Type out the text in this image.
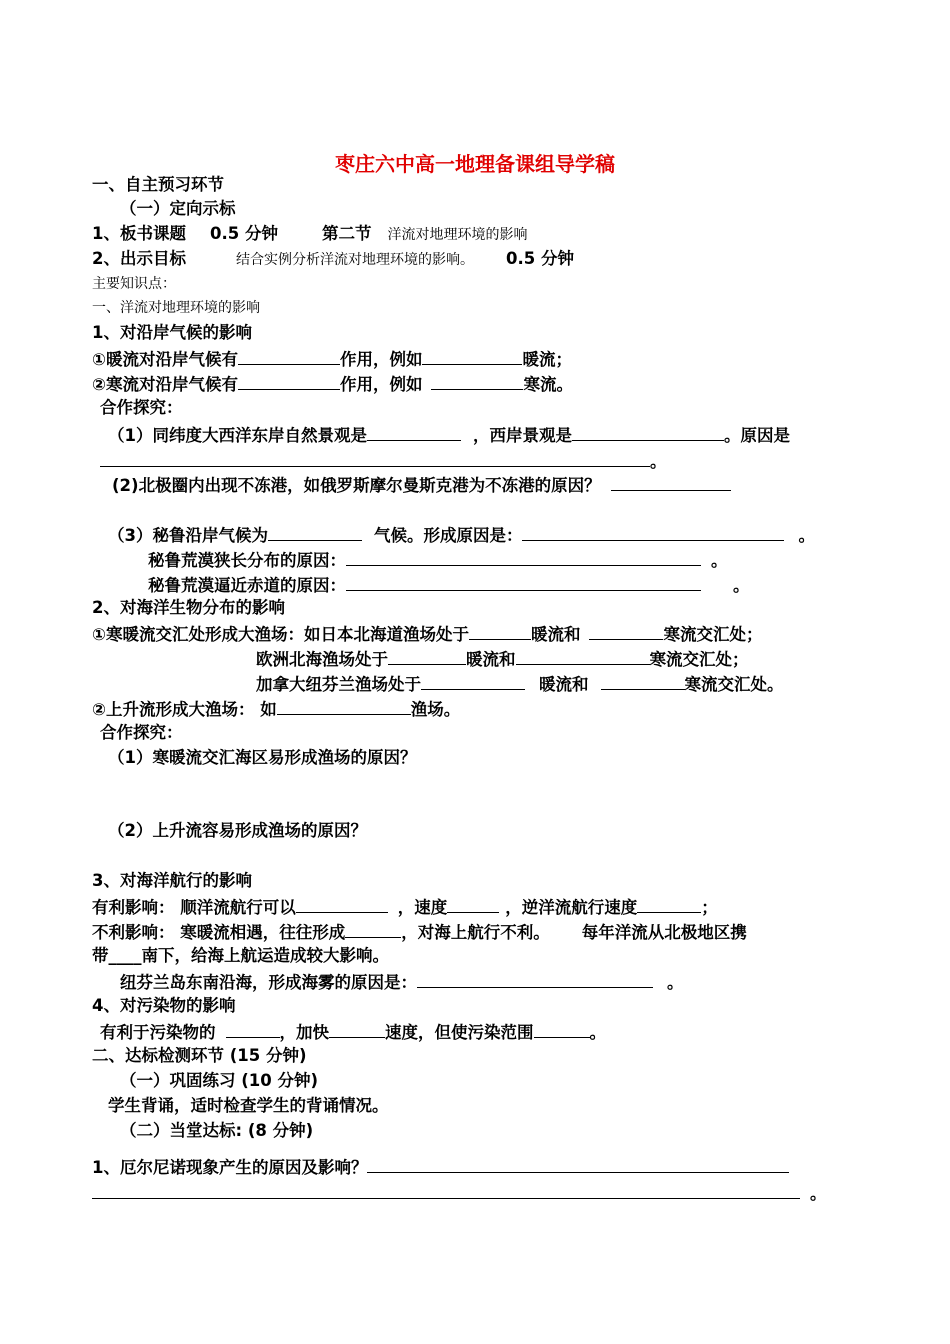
枣庄六中高一地理备课组导学稿
一、自主预习环节
（一）定向示标
1、板书课题 0.5 分钟	第二节 洋流对地理环境的影响
2、出示目标	结合实例分析洋流对地理环境的影响。 0.5 分钟
主要知识点：
一、洋流对地理环境的影响
1、对沿岸气候的影响
①暖流对沿岸气候有	作用，例如	暖流；
②寒流对沿岸气候有	作用，例如	寒流。
合作探究：
（1）同纬度大西洋东岸自然景观是	，西岸景观是	。原因是
。
(2)北极圈内出现不冻港，如俄罗斯摩尔曼斯克港为不冻港的原因？
（3）秘鲁沿岸气候为	气候。形成原因是：	。
秘鲁荒漠狭长分布的原因：	。
秘鲁荒漠逼近赤道的原因：	。
2、对海洋生物分布的影响
①寒暖流交汇处形成大渔场：如日本北海道渔场处于	暖流和	寒流交汇处；
欧洲北海渔场处于	暖流和	寒流交汇处；
加拿大纽芬兰渔场处于	暖流和	寒流交汇处。
②上升流形成大渔场： 如	渔场。
合作探究：
（1）寒暖流交汇海区易形成渔场的原因？
（2）上升流容易形成渔场的原因？
3、对海洋航行的影响
有利影响： 顺洋流航行可以	，速度	，逆洋流航行速度	；
不利影响： 寒暖流相遇，往往形成	，对海上航行不利。 每年洋流从北极地区携
带____南下，给海上航运造成较大影响。
纽芬兰岛东南沿海，形成海雾的原因是：	。
4、对污染物的影响
有利于污染物的	，加快	速度，但使污染范围	。
二、达标检测环节 (15 分钟)
（一）巩固练习 (10 分钟)
学生背诵，适时检查学生的背诵情况。
（二）当堂达标: (8 分钟)
1、厄尔尼诺现象产生的原因及影响？
。
